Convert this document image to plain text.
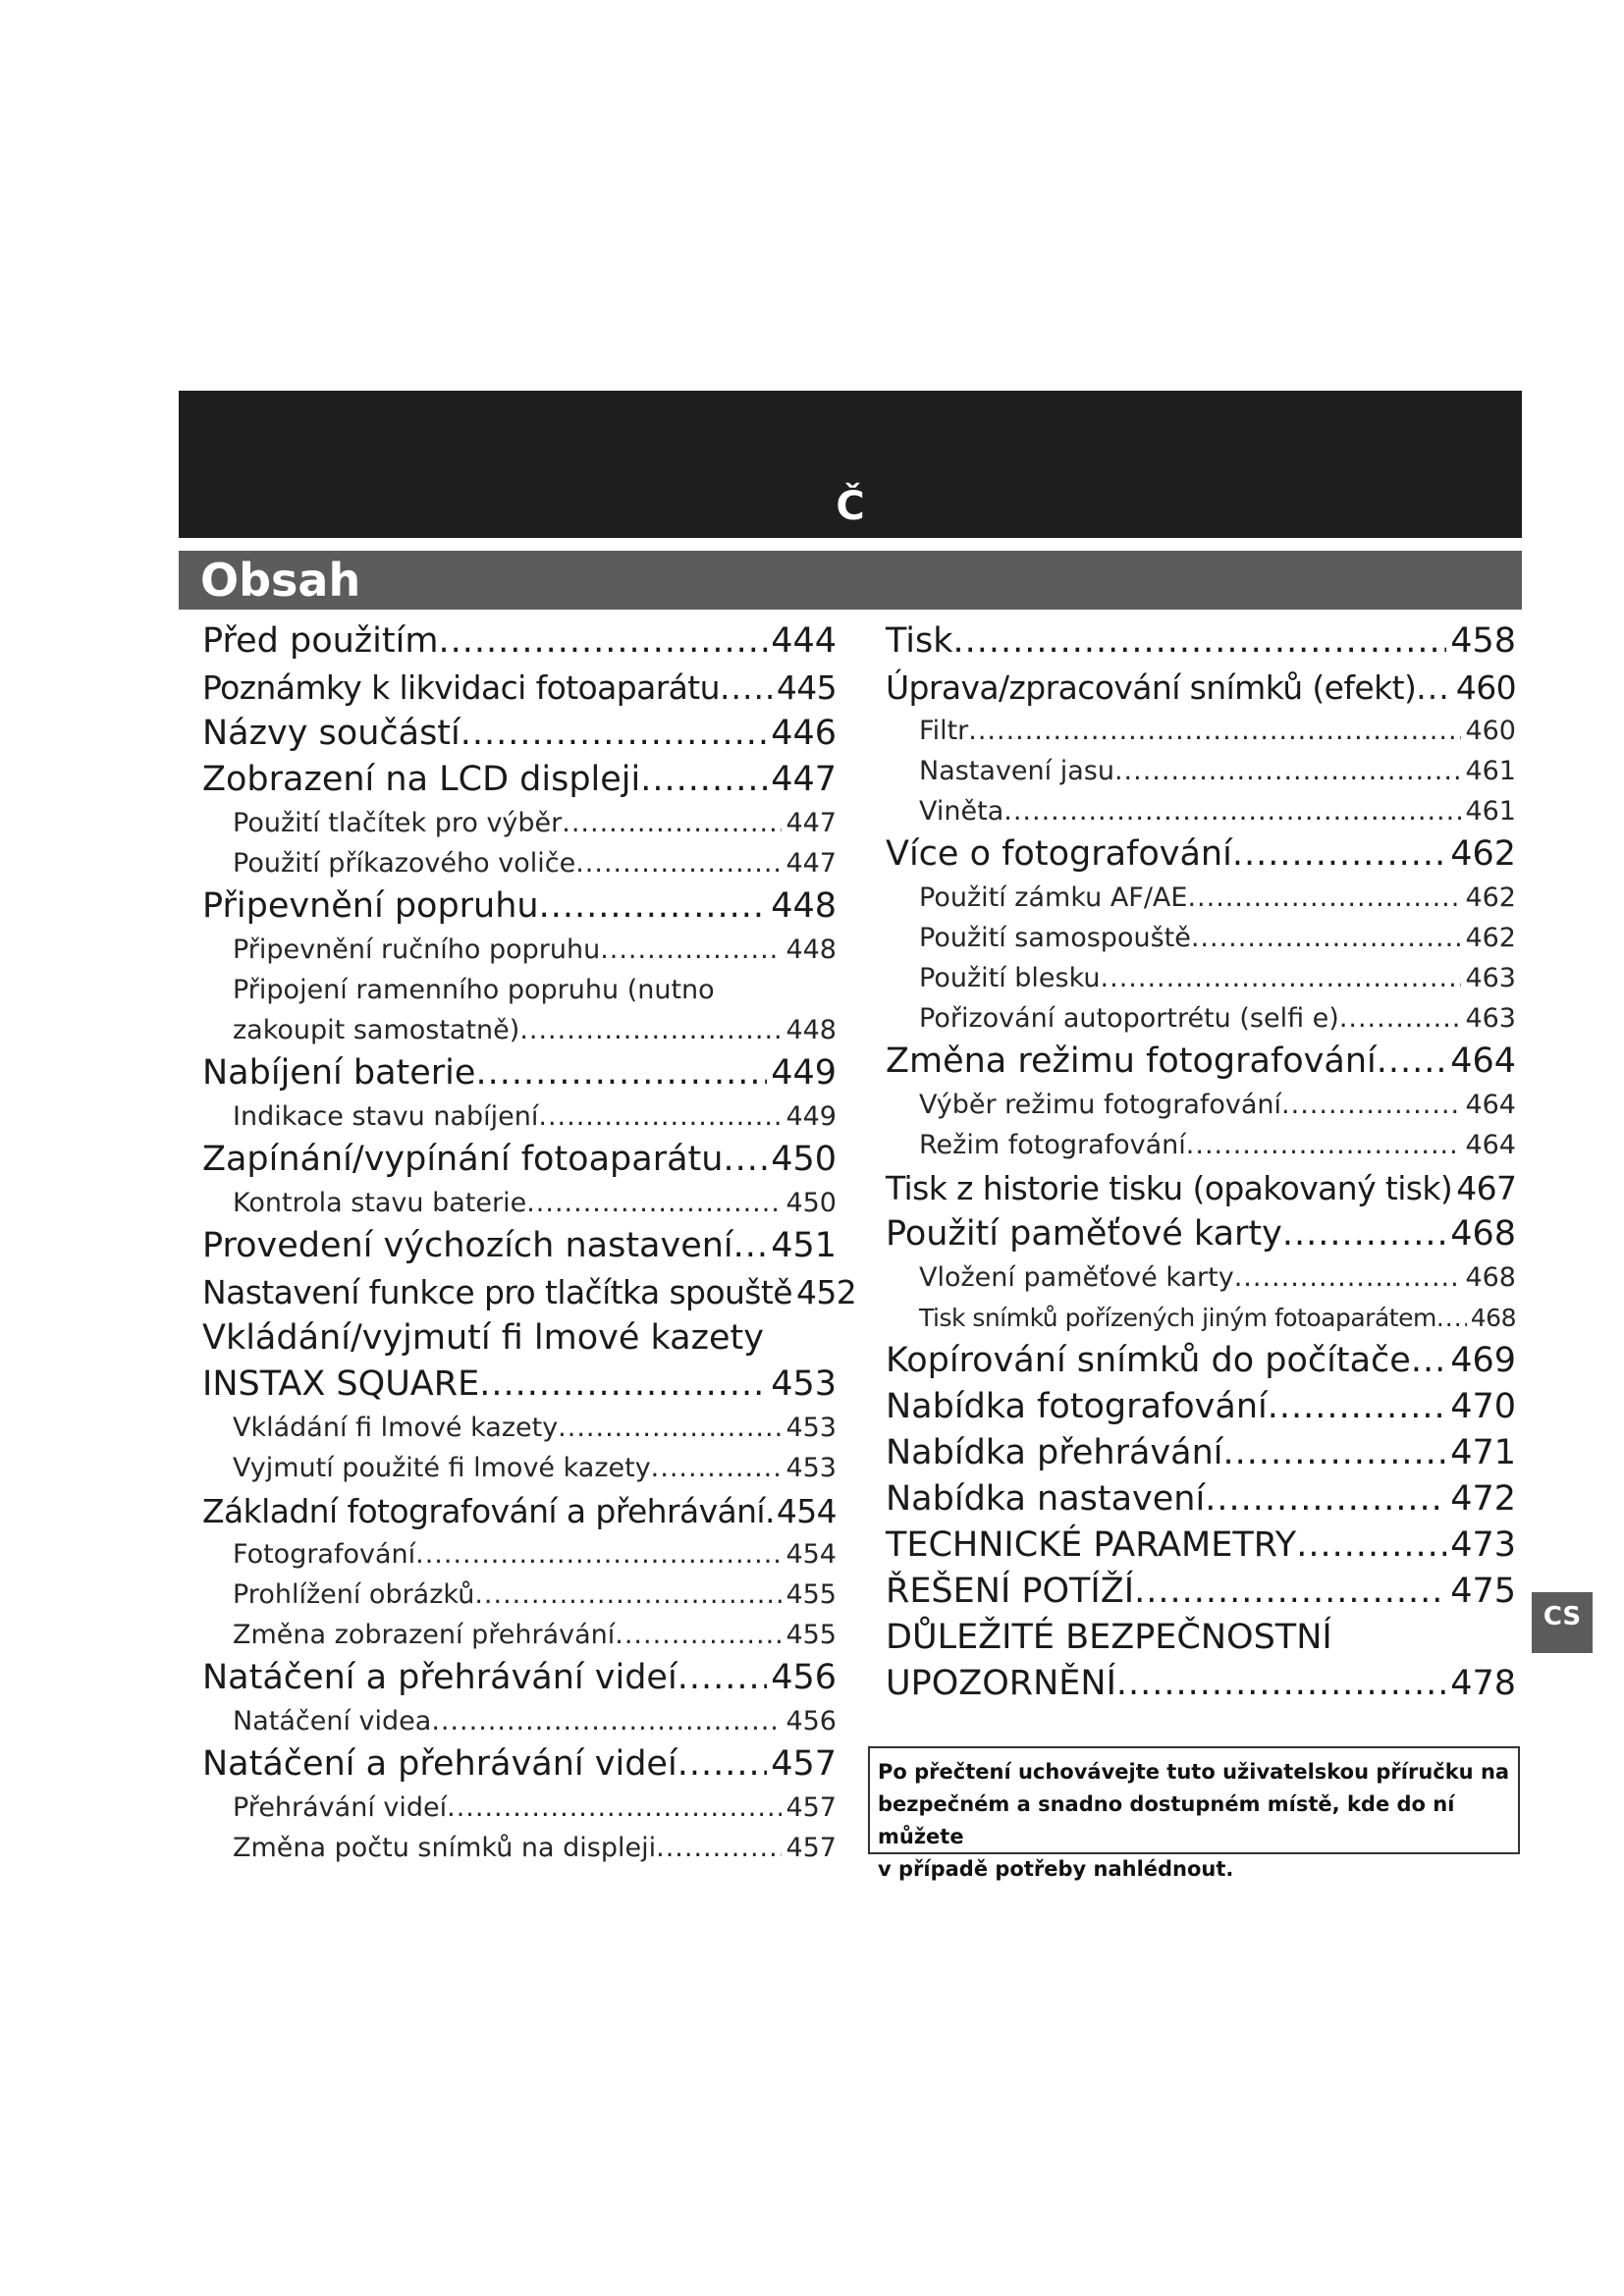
Č
Obsah
Před použitím .....	444
Poznámky k likvidaci fotoaparátu ..... 445
Názvy součástí .....	446
Zobrazení na LCD displeji .....	447
Použití tlačítek pro výběr .....	447
Použití příkazového voliče .....	447
Připevnění popruhu .....	448
Připevnění ručního popruhu .....	448
Připojení ramenního popruhu (nutno
zakoupit samostatně) .....	448
Nabíjení baterie .....	449
Indikace stavu nabíjení .....	449
Zapínání/vypínání fotoaparátu ..... 450
Kontrola stavu baterie .....	450
Provedení výchozích nastavení ..... 451
Nastavení funkce pro tlačítka spouště 452
Vkládání/vyjmutí fi lmové kazety
INSTAX SQUARE .....	453
Vkládání fi lmové kazety .....	453
Vyjmutí použité fi lmové kazety .....	453
Základní fotografování a přehrávání ..... 454
Fotografování .....	454
Prohlížení obrázků .....	455
Změna zobrazení přehrávání .....	455
Natáčení a přehrávání videí .....	456
Natáčení videa .....	456
Natáčení a přehrávání videí .....	457
Přehrávání videí .....	457
Změna počtu snímků na displeji .....	457
Tisk .....	458
Úprava/zpracování snímků (efekt) ..... 460
Filtr .....	460
Nastavení jasu .....	461
Viněta .....	461
Více o fotografování .....	462
Použití zámku AF/AE .....	462
Použití samospouště .....	462
Použití blesku .....	463
Pořizování autoportrétu (selfi e) .....	463
Změna režimu fotografování ..... 464
Výběr režimu fotografování .....	464
Režim fotografování .....	464
Tisk z historie tisku (opakovaný tisk) 467
Použití paměťové karty .....	468
Vložení paměťové karty .....	468
Tisk snímků pořízených jiným fotoaparátem ..... 468
Kopírování snímků do počítače ..... 469
Nabídka fotografování .....	470
Nabídka přehrávání .....	471
Nabídka nastavení .....	472
TECHNICKÉ PARAMETRY .....	473
ŘEŠENÍ POTÍŽÍ .....	475
DŮLEŽITÉ BEZPEČNOSTNÍ
UPOZORNĚNÍ .....	478
Po přečtení uchovávejte tuto uživatelskou příručku na
bezpečném a snadno dostupném místě, kde do ní můžete
v případě potřeby nahlédnout.
CS
